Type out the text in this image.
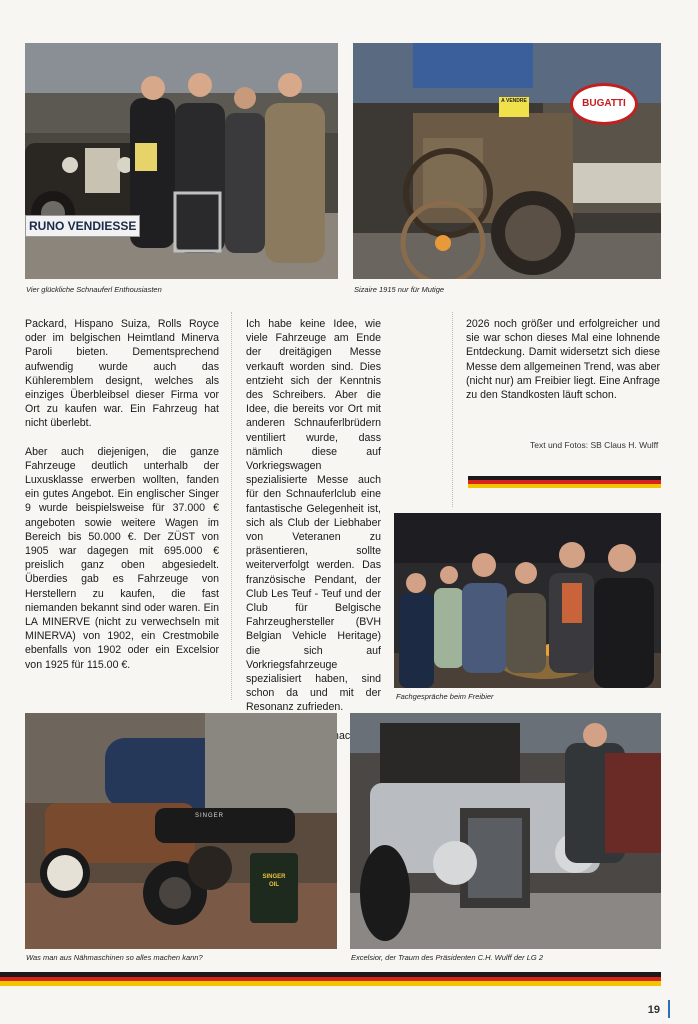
RUNO VENDIESSE
Vier glückliche Schnauferl Enthousiasten
BUGATTI
A VENDRE
Sizaire 1915 nur für Mutige

Packard, Hispano Suiza, Rolls Royce oder im belgischen Heimtland Minerva Paroli bieten. Dementsprechend aufwendig wurde auch das Kühleremblem designt, welches als einziges Überbleibsel dieser Firma vor Ort zu kaufen war. Ein Fahrzeug hat nicht überlebt.

Aber auch diejenigen, die ganze Fahrzeuge deutlich unterhalb der Luxusklasse erwerben wollten, fanden ein gutes Angebot. Ein englischer Singer 9 wurde beispielsweise für 37.000 € angeboten sowie weitere Wagen im Bereich bis 50.000 €. Der ZÜST von 1905 war dagegen mit 695.000 € preislich ganz oben abgesiedelt. Überdies gab es Fahrzeuge von Herstellern zu kaufen, die fast niemanden bekannt sind oder waren. Ein LA MINERVE (nicht zu verwechseln mit MINERVA) von 1902, ein Crestmobile ebenfalls von 1902 oder ein Excelsior von 1925 für 115.00 €.

Ich habe keine Idee, wie viele Fahrzeuge am Ende der dreitägigen Messe verkauft worden sind. Dies entzieht sich der Kenntnis des Schreibers. Aber die Idee, die bereits vor Ort mit anderen Schnauferlbrüdern ventiliert wurde, dass nämlich diese auf Vorkriegswagen spezialisierte Messe auch für den Schnauferlclub eine fantastische Gelegenheit ist, sich als Club der Liebhaber von Veteranen zu präsentieren, sollte weiterverfolgt werden. Das französische Pendant, der Club Les Teuf - Teuf und der Club für Belgische Fahrzeughersteller (BVH Belgian Vehicle Heritage) die sich auf Vorkriegsfahrzeuge spezialisiert haben, sind schon da und mit der Resonanz zufrieden.

nach

2026 noch größer und erfolgreicher und sie war schon dieses Mal eine lohnende Entdeckung. Damit widersetzt sich diese Messe dem allgemeinen Trend, was aber (nicht nur) am Freibier liegt. Eine Anfrage zu den Standkosten läuft schon.

Text und Fotos: SB Claus H. Wulff
Fachgespräche beim Freibier
SINGER
SINGER
OIL
Was man aus Nähmaschinen so alles machen kann?	Excelsior, der Traum des Präsidenten C.H. Wulff der LG 2
19
